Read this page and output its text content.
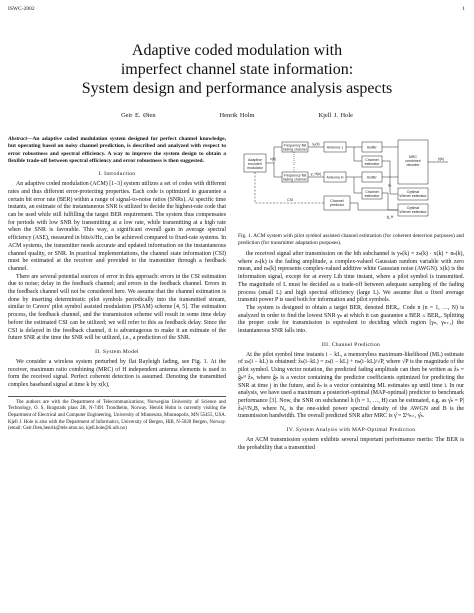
ISWC-2002	1
Adaptive coded modulation with
imperfect channel state information:
System design and performance analysis aspects
Geir E. Øien	Henrik Holm	Kjell J. Hole

Abstract—An adaptive coded modulation system designed for perfect channel knowledge, but operating based on noisy channel prediction, is described and analyzed with respect to error robustness and spectral efficiency. A way to improve the system design to obtain a flexible trade-off between spectral efficiency and error robustness is then suggested.

I. Introduction

An adaptive coded modulation (ACM) [1–3] system utilizes a set of codes with different rates and thus different error-protecting properties. Each code is optimized to guarantee a certain bit error rate (BER) within a range of signal-to-noise ratios (SNRs). At specific time instants, an estimate of the instantaneous SNR is utilized to decide the highest-rate code that can be used while still fulfilling the target BER requirement. The system thus compensates for periods with low SNR by transmitting at a low rate, while transmitting at a high rate when the SNR is favorable. This way, a significant overall gain in average spectral efficiency (ASE), measured in bits/s/Hz, can be achieved compared to fixed-rate systems. In ACM systems, the transmitter needs accurate and updated information on the instantaneous channel quality, or SNR. In practical implementations, the channel state information (CSI) must be estimated at the receiver and provided to the transmitter through a feedback channel.

There are several potential sources of error in this approach: errors in the CSI estimation due to noise; delay in the feedback channel; and errors in the feedback channel. Errors in the feedback channel will not be considered here. We assume that the channel estimation is done by inserting deterministic pilot symbols periodically into the transmitted stream, similar to Cavers' pilot symbol assisted modulation (PSAM) scheme [4, 5]. The estimation process, the feedback channel, and the transmission scheme will result in some time delay before the estimated CSI can be utilized; we will refer to this as feedback delay. Since the CSI is delayed in the feedback channel, it is advantageous to make it an estimate of the future SNR at the time the SNR will be utilized, i.e., a prediction of the SNR.

II. System Model

We consider a wireless system perturbed by flat Rayleigh fading, see Fig. 1. At the receiver, maximum ratio combining (MRC) of H independent antenna elements is used to form the received signal. Perfect coherent detection is assumed. Denoting the transmitted complex baseband signal at time k by x(k),

The authors are with the Department of Telecommunications, Norwegian University of Science and Technology, O. S. Bragstads plass 2B, N-7491 Trondheim, Norway. Henrik Holm is currently visiting the Department of Electrical and Computer Engineering, University of Minnesota, Minneapolis, MN 55455, USA. Kjell J. Hole is also with the Department of Informatics, University of Bergen, HiB, N-5020 Bergen, Norway. (email: Geir.Oien,henrik@tele.ntnu.no, kjell.hole@ii.uib.no)

Adaptive
encoder/
modulator
Frequency flat
fading channel
Frequency flat
fading channel
Antenna 1
Antenna H
Buffer
Buffer
MRC
combiner/
decoder
Channel
estimator
Channel
estimator
Optimal
Wiener estimator
Optimal
Wiener estimator
Channel
predictor
CSI
x(k)
y₁(k)
y_H(k)
ŷ(k)
ĝ₁
ĝ_H

Fig. 1. ACM system with pilot symbol assisted channel estimation (for coherent detection purposes) and prediction (for transmitter adaptation purposes).

the received signal after transmission on the hth subchannel is yₕ(k) = zₕ(k) · x(k) + nₕ(k), where zₕ(k) is the fading amplitude, a complex-valued Gaussian random variable with zero mean, and nₕ(k) represents complex-valued additive white Gaussian noise (AWGN). x(k) is the information signal, except for at every Lth time instant, where a pilot symbol is transmitted. The magnitude of L must be decided as a trade-off between adequate sampling of the fading process (small L) and high spectral efficiency (large L). We assume that a fixed average transmit power P is used both for information and pilot symbols.

The system is designed to obtain a target BER, denoted BER₀. Code n (n = 1, …, N) is analyzed in order to find the lowest SNR γₙ at which it can guarantee a BER ≤ BER₀. Splitting the proper code for transmission is equivalent to deciding which region [γₙ, γₙ₊₁) the instantaneous SNR falls into.

III. Channel Prediction

At the pilot symbol time instants i − kL, a memoryless maximum-likelihood (ML) estimate of zₕ(i − kL) is obtained: ẑₕ(i−kL) = zₕ(i − kL) + nₕ(i−kL)/√P, where √P is the magnitude of the pilot symbol. Using vector notation, the predicted fading amplitude can then be written as ẑₕ = ĝₕᴴ ẑₕ, where ĝₕ is a vector containing the predictor coefficients optimized for predicting the SNR at time j in the future, and ẑₕ is a vector containing ML estimates up until time i. In our analysis, we have used a maximum a posteriori-optimal (MAP-optimal) predictor to benchmark performance [3]. Now, the SNR on subchannel h (h = 1, …, H) can be estimated, e.g. as γ̂ₕ = P|ẑₕ|²/N₀B, where N₀ is the one-sided power spectral density of the AWGN and B is the transmission bandwidth. The overall predicted SNR after MRC is γ̂ = Σᴴₕ₌₁ γ̂ₕ.

IV. System Analysis with MAP-Optimal Prediction

An ACM transmission system exhibits several important performance merits: The BER is the probability that a transmitted
